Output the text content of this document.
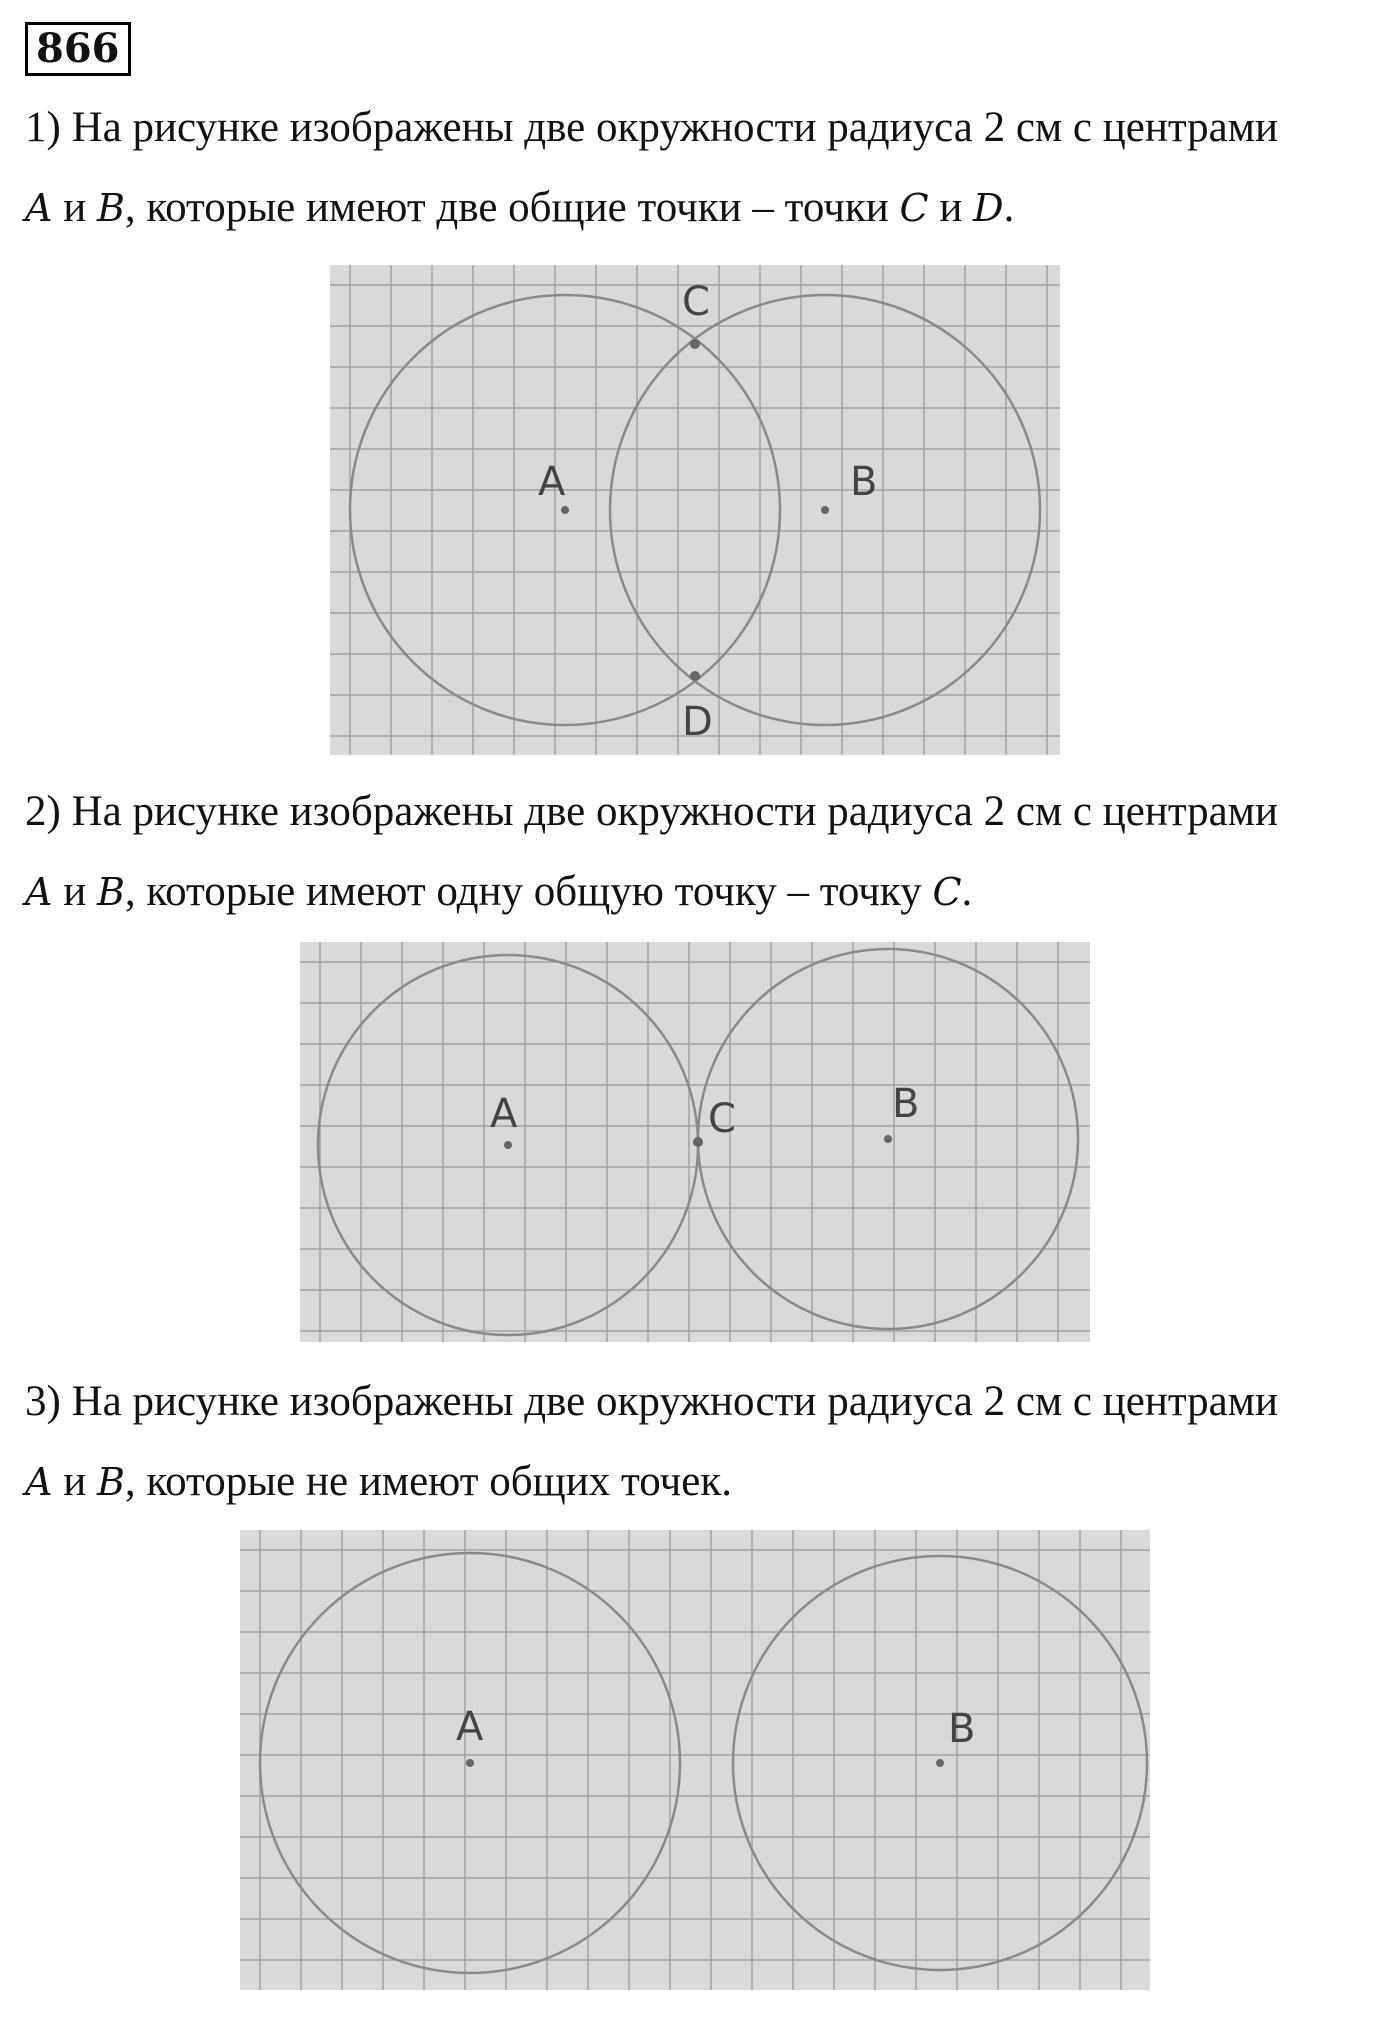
866
1) На рисунке изображены две окружности радиуса 2 см с центрами
A и B, которые имеют две общие точки – точки C и D.
A	B
C
D
2) На рисунке изображены две окружности радиуса 2 см с центрами
A и B, которые имеют одну общую точку – точку C.
A	B
C
3) На рисунке изображены две окружности радиуса 2 см с центрами
A и B, которые не имеют общих точек.
A	B
